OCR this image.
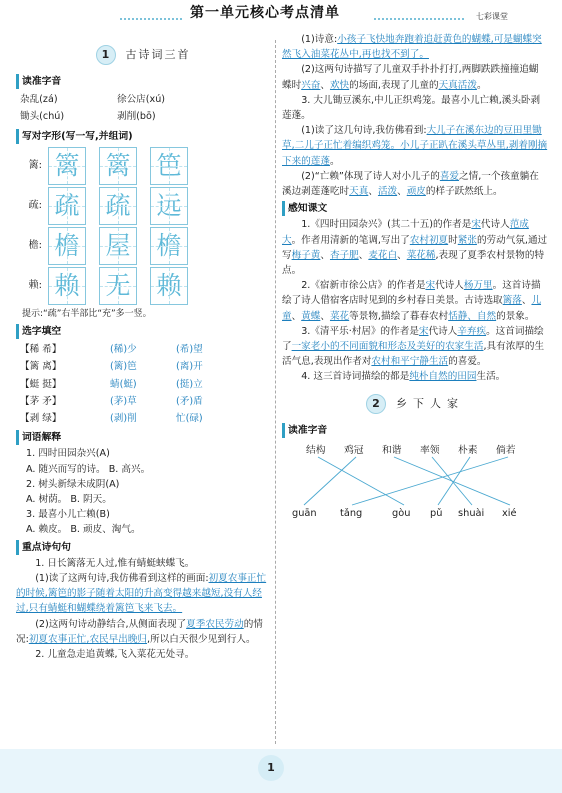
第一单元核心考点清单	七彩课堂
1	古诗词三首
读准字音
杂乱(zá)	徐公店(xú)
锄头(chú)	剥削(bō)
写对字形(写一写,并组词)
篱: 篱 篱 笆
疏: 疏 疏 远
檐: 檐 屋 檐
赖: 赖 无 赖
提示:“疏”右半部比“充”多一竖。
选字填空
【稀 希】	(稀)少	(希)望
【篱 离】	(篱)笆	(离)开
【蜓 挺】	蜻(蜓)	(挺)立
【茅 矛】	(茅)草	(矛)盾
【剥 绿】	(剥)削	忙(碌)
词语解释
1. 四时田园杂兴(A)
A. 随兴而写的诗。 B. 高兴。
2. 树头新绿未成阴(A)
A. 树荫。 B. 阴天。
3. 最喜小儿亡赖(B)
A. 赖皮。 B. 顽皮、淘气。
重点诗句句

1. 日长篱落无人过,惟有蜻蜓蛱蝶飞。

(1)读了这两句诗,我仿佛看到这样的画面:初夏农事正忙的时候,篱笆的影子随着太阳的升高变得越来越短,没有人经过,只有蜻蜓和蝴蝶绕着篱笆飞来飞去。

(2)这两句诗动静结合,从侧面表现了夏季农民劳动的情况:初夏农事正忙,农民早出晚归,所以白天很少见到行人。

2. 儿童急走追黄蝶,飞入菜花无处寻。

(1)诗意:小孩子飞快地奔跑着追赶黄色的蝴蝶,可是蝴蝶突然飞入油菜花丛中,再也找不到了。

(2)这两句诗描写了儿童双手扑扑打打,两脚跌跌撞撞追蝴蝶时兴奋、欢快的场面,表现了儿童的天真活泼。

3. 大儿锄豆溪东,中儿正织鸡笼。最喜小儿亡赖,溪头卧剥莲蓬。

(1)读了这几句诗,我仿佛看到:大儿子在溪东边的豆田里锄草,二儿子正忙着编织鸡笼。小儿子正趴在溪头草丛里,剥着刚摘下来的莲蓬。

(2)“亡赖”体现了诗人对小儿子的喜爱之情,一个孩童躺在溪边剥莲蓬吃时天真、活泼、顽皮的样子跃然纸上。

感知课文

1.《四时田园杂兴》(其二十五)的作者是宋代诗人范成大。作者用清新的笔调,写出了农村初夏时紧张的劳动气氛,通过写梅子黄、杏子肥、麦花白、菜花稀,表现了夏季农村景物的特点。

2.《宿新市徐公店》的作者是宋代诗人杨万里。这首诗描绘了诗人借宿客店时见到的乡村春日美景。古诗选取篱落、儿童、黄蝶、菜花等景物,描绘了暮春农村恬静、自然的景象。

3.《清平乐·村居》的作者是宋代诗人辛弃疾。这首词描绘了一家老小的不同面貌和形态及美好的农家生活,具有浓厚的生活气息,表现出作者对农村和平宁静生活的喜爱。

4. 这三首诗词描绘的都是纯朴自然的田园生活。

2	乡下人家
读准字音
结构 鸡冠 和谐 率领 朴素 倘若
guān tǎng	gòu pǔ shuài xié
1
